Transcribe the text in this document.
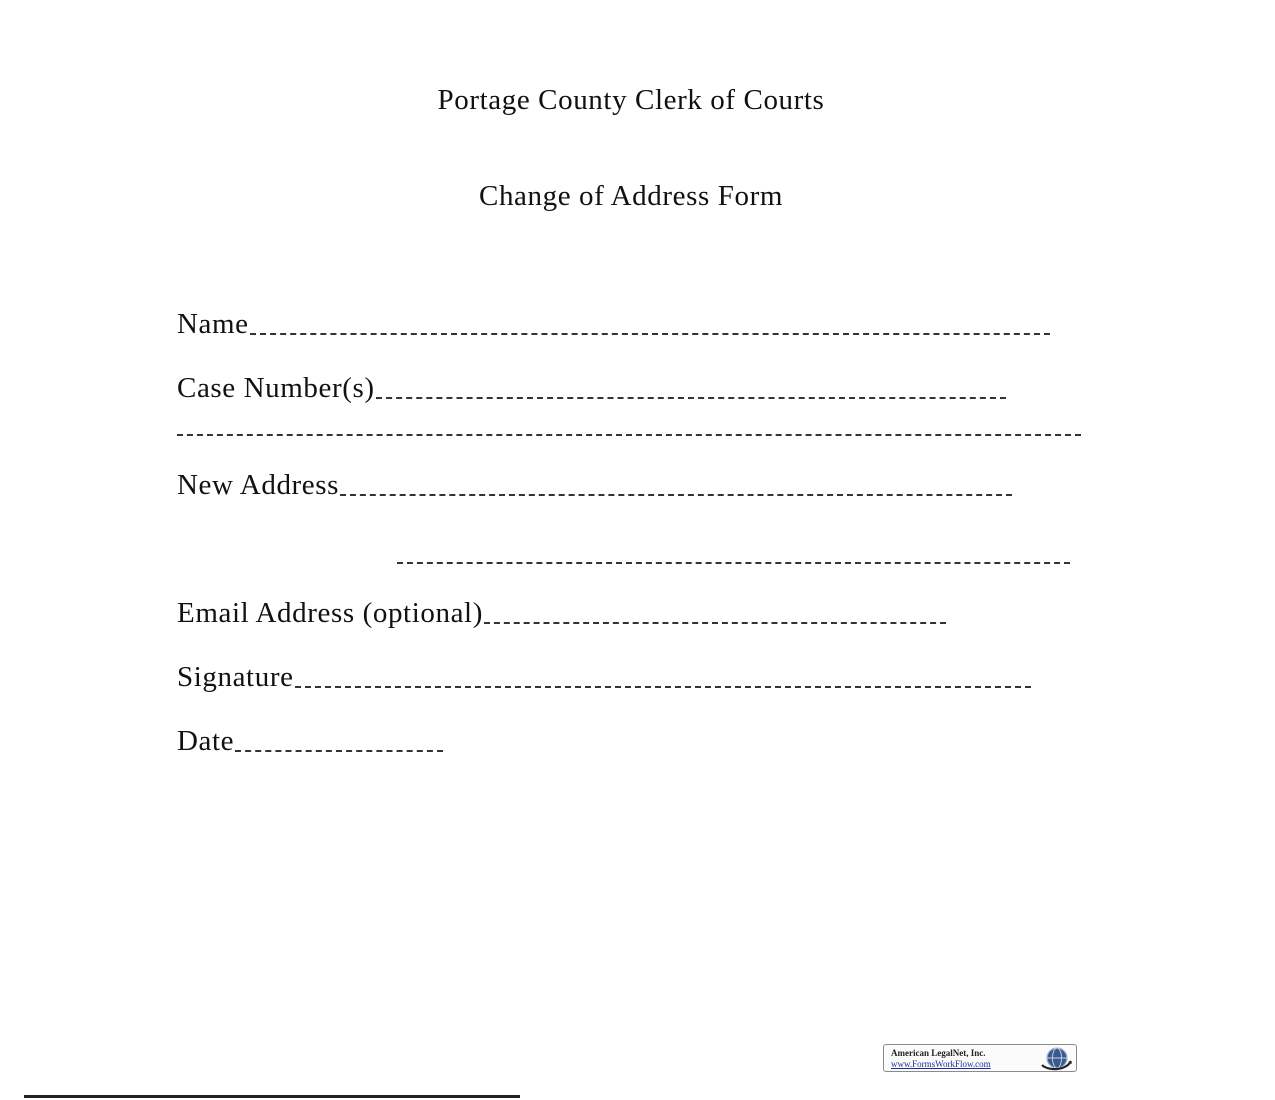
Portage County Clerk of Courts
Change of Address Form
Name
Case Number(s)
New Address
Email Address (optional)
Signature
Date
American LegalNet, Inc.
www.FormsWorkFlow.com
